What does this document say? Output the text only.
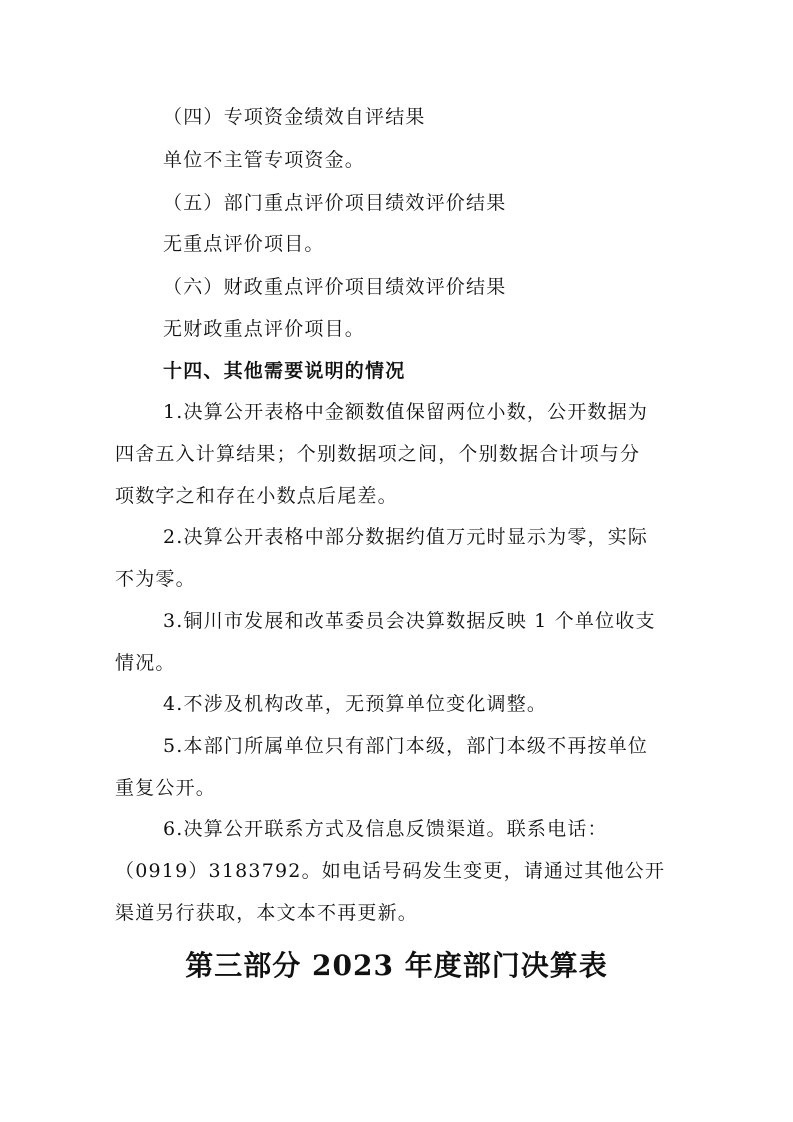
（四）专项资金绩效自评结果
单位不主管专项资金。
（五）部门重点评价项目绩效评价结果
无重点评价项目。
（六）财政重点评价项目绩效评价结果
无财政重点评价项目。
十四、其他需要说明的情况
1.决算公开表格中金额数值保留两位小数，公开数据为
四舍五入计算结果；个别数据项之间，个别数据合计项与分
项数字之和存在小数点后尾差。
2.决算公开表格中部分数据约值万元时显示为零，实际
不为零。
3.铜川市发展和改革委员会决算数据反映 1 个单位收支
情况。
4.不涉及机构改革，无预算单位变化调整。
5.本部门所属单位只有部门本级，部门本级不再按单位
重复公开。
6.决算公开联系方式及信息反馈渠道。联系电话：
（0919）3183792。如电话号码发生变更，请通过其他公开
渠道另行获取，本文本不再更新。
第三部分 2023 年度部门决算表
